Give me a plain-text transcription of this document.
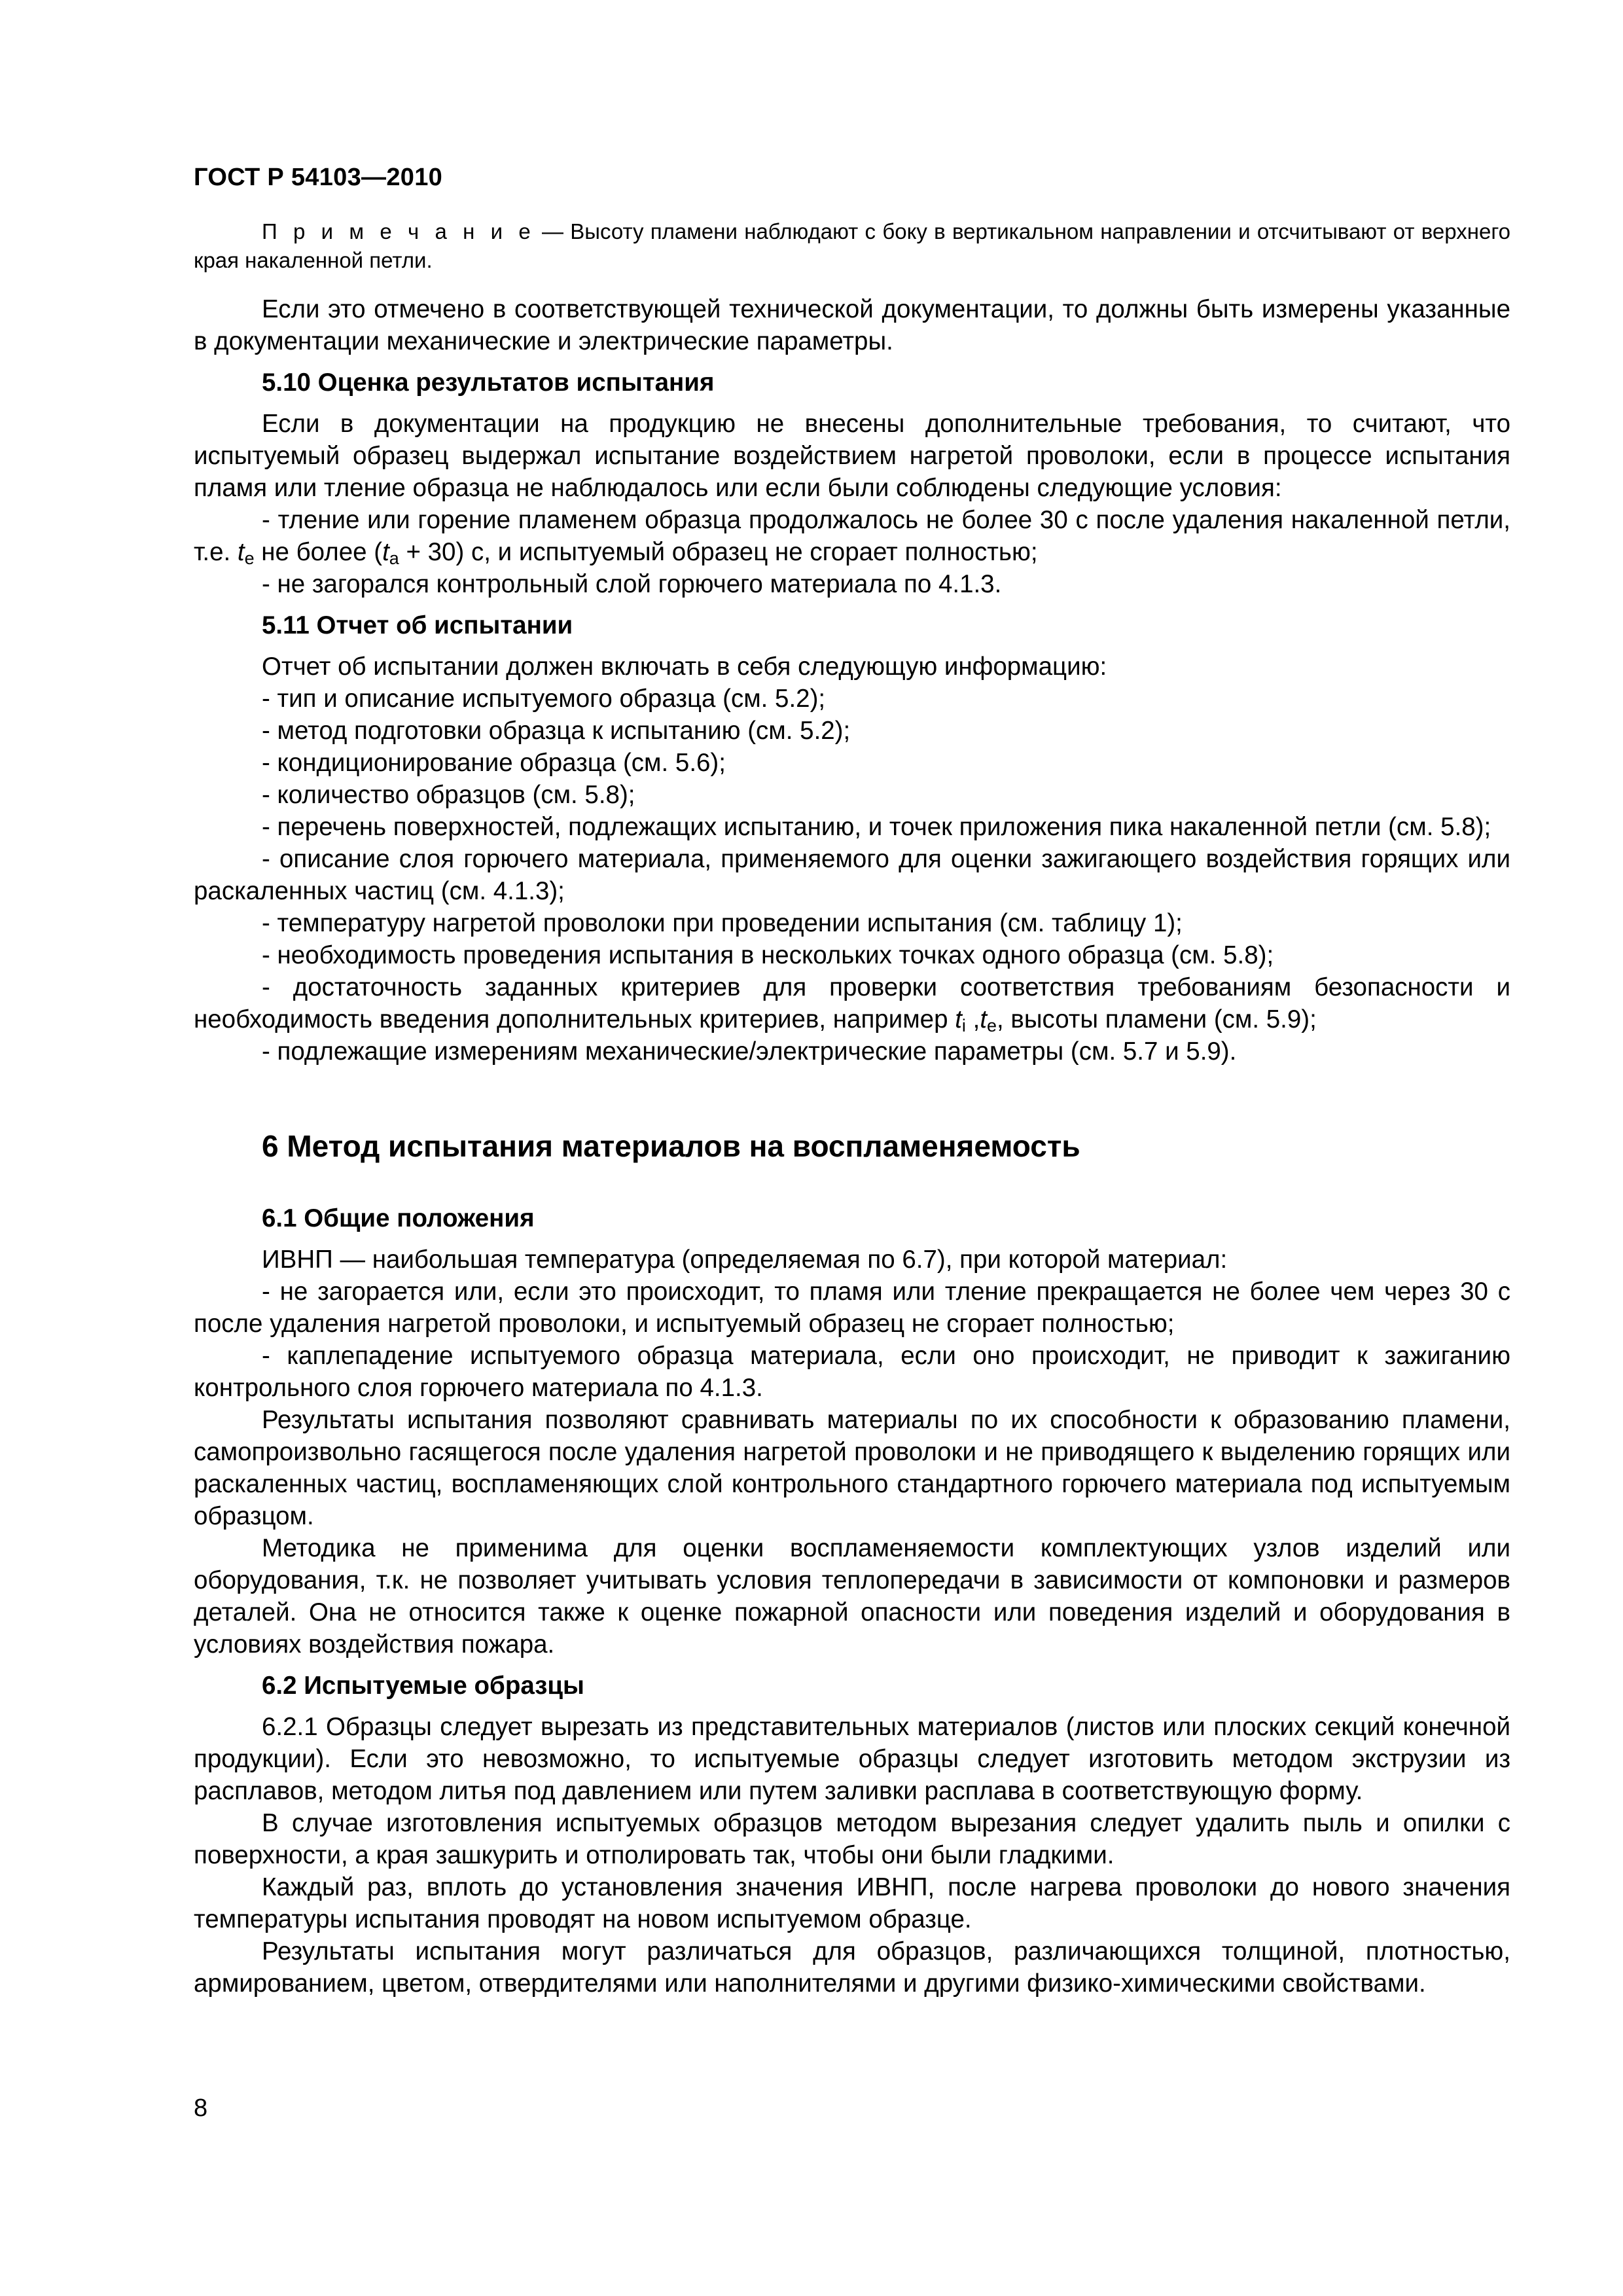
ГОСТ Р 54103—2010

П р и м е ч а н и е — Высоту пламени наблюдают с боку в вертикальном направлении и отсчитывают от верхнего края накаленной петли.

Если это отмечено в соответствующей технической документации, то должны быть измерены указанные в документации механические и электрические параметры.

5.10 Оценка результатов испытания

Если в документации на продукцию не внесены дополнительные требования, то считают, что испытуемый образец выдержал испытание воздействием нагретой проволоки, если в процессе испытания пламя или тление образца не наблюдалось или если были соблюдены следующие условия:

- тление или горение пламенем образца продолжалось не более 30 с после удаления накаленной петли, т.е. $t_e$ не более $(t_a + 30)$ с, и испытуемый образец не сгорает полностью;

- не загорался контрольный слой горючего материала по 4.1.3.

5.11 Отчет об испытании

Отчет об испытании должен включать в себя следующую информацию:

- тип и описание испытуемого образца (см. 5.2);

- метод подготовки образца к испытанию (см. 5.2);

- кондиционирование образца (см. 5.6);

- количество образцов (см. 5.8);

- перечень поверхностей, подлежащих испытанию, и точек приложения пика накаленной петли (см. 5.8);

- описание слоя горючего материала, применяемого для оценки зажигающего воздействия горящих или раскаленных частиц (см. 4.1.3);

- температуру нагретой проволоки при проведении испытания (см. таблицу 1);

- необходимость проведения испытания в нескольких точках одного образца (см. 5.8);

- достаточность заданных критериев для проверки соответствия требованиям безопасности и необходимость введения дополнительных критериев, например $t_i$ $,t_e$, высоты пламени (см. 5.9);

- подлежащие измерениям механические/электрические параметры (см. 5.7 и 5.9).

6 Метод испытания материалов на воспламеняемость
6.1 Общие положения

ИВНП — наибольшая температура (определяемая по 6.7), при которой материал:

- не загорается или, если это происходит, то пламя или тление прекращается не более чем через 30 с после удаления нагретой проволоки, и испытуемый образец не сгорает полностью;

- каплепадение испытуемого образца материала, если оно происходит, не приводит к зажиганию контрольного слоя горючего материала по 4.1.3.

Результаты испытания позволяют сравнивать материалы по их способности к образованию пламени, самопроизвольно гасящегося после удаления нагретой проволоки и не приводящего к выделению горящих или раскаленных частиц, воспламеняющих слой контрольного стандартного горючего материала под испытуемым образцом.

Методика не применима для оценки воспламеняемости комплектующих узлов изделий или оборудования, т.к. не позволяет учитывать условия теплопередачи в зависимости от компоновки и размеров деталей. Она не относится также к оценке пожарной опасности или поведения изделий и оборудования в условиях воздействия пожара.

6.2 Испытуемые образцы

6.2.1 Образцы следует вырезать из представительных материалов (листов или плоских секций конечной продукции). Если это невозможно, то испытуемые образцы следует изготовить методом экструзии из расплавов, методом литья под давлением или путем заливки расплава в соответствующую форму.

В случае изготовления испытуемых образцов методом вырезания следует удалить пыль и опилки с поверхности, а края зашкурить и отполировать так, чтобы они были гладкими.

Каждый раз, вплоть до установления значения ИВНП, после нагрева проволоки до нового значения температуры испытания проводят на новом испытуемом образце.

Результаты испытания могут различаться для образцов, различающихся толщиной, плотностью, армированием, цветом, отвердителями или наполнителями и другими физико-химическими свойствами.

8
